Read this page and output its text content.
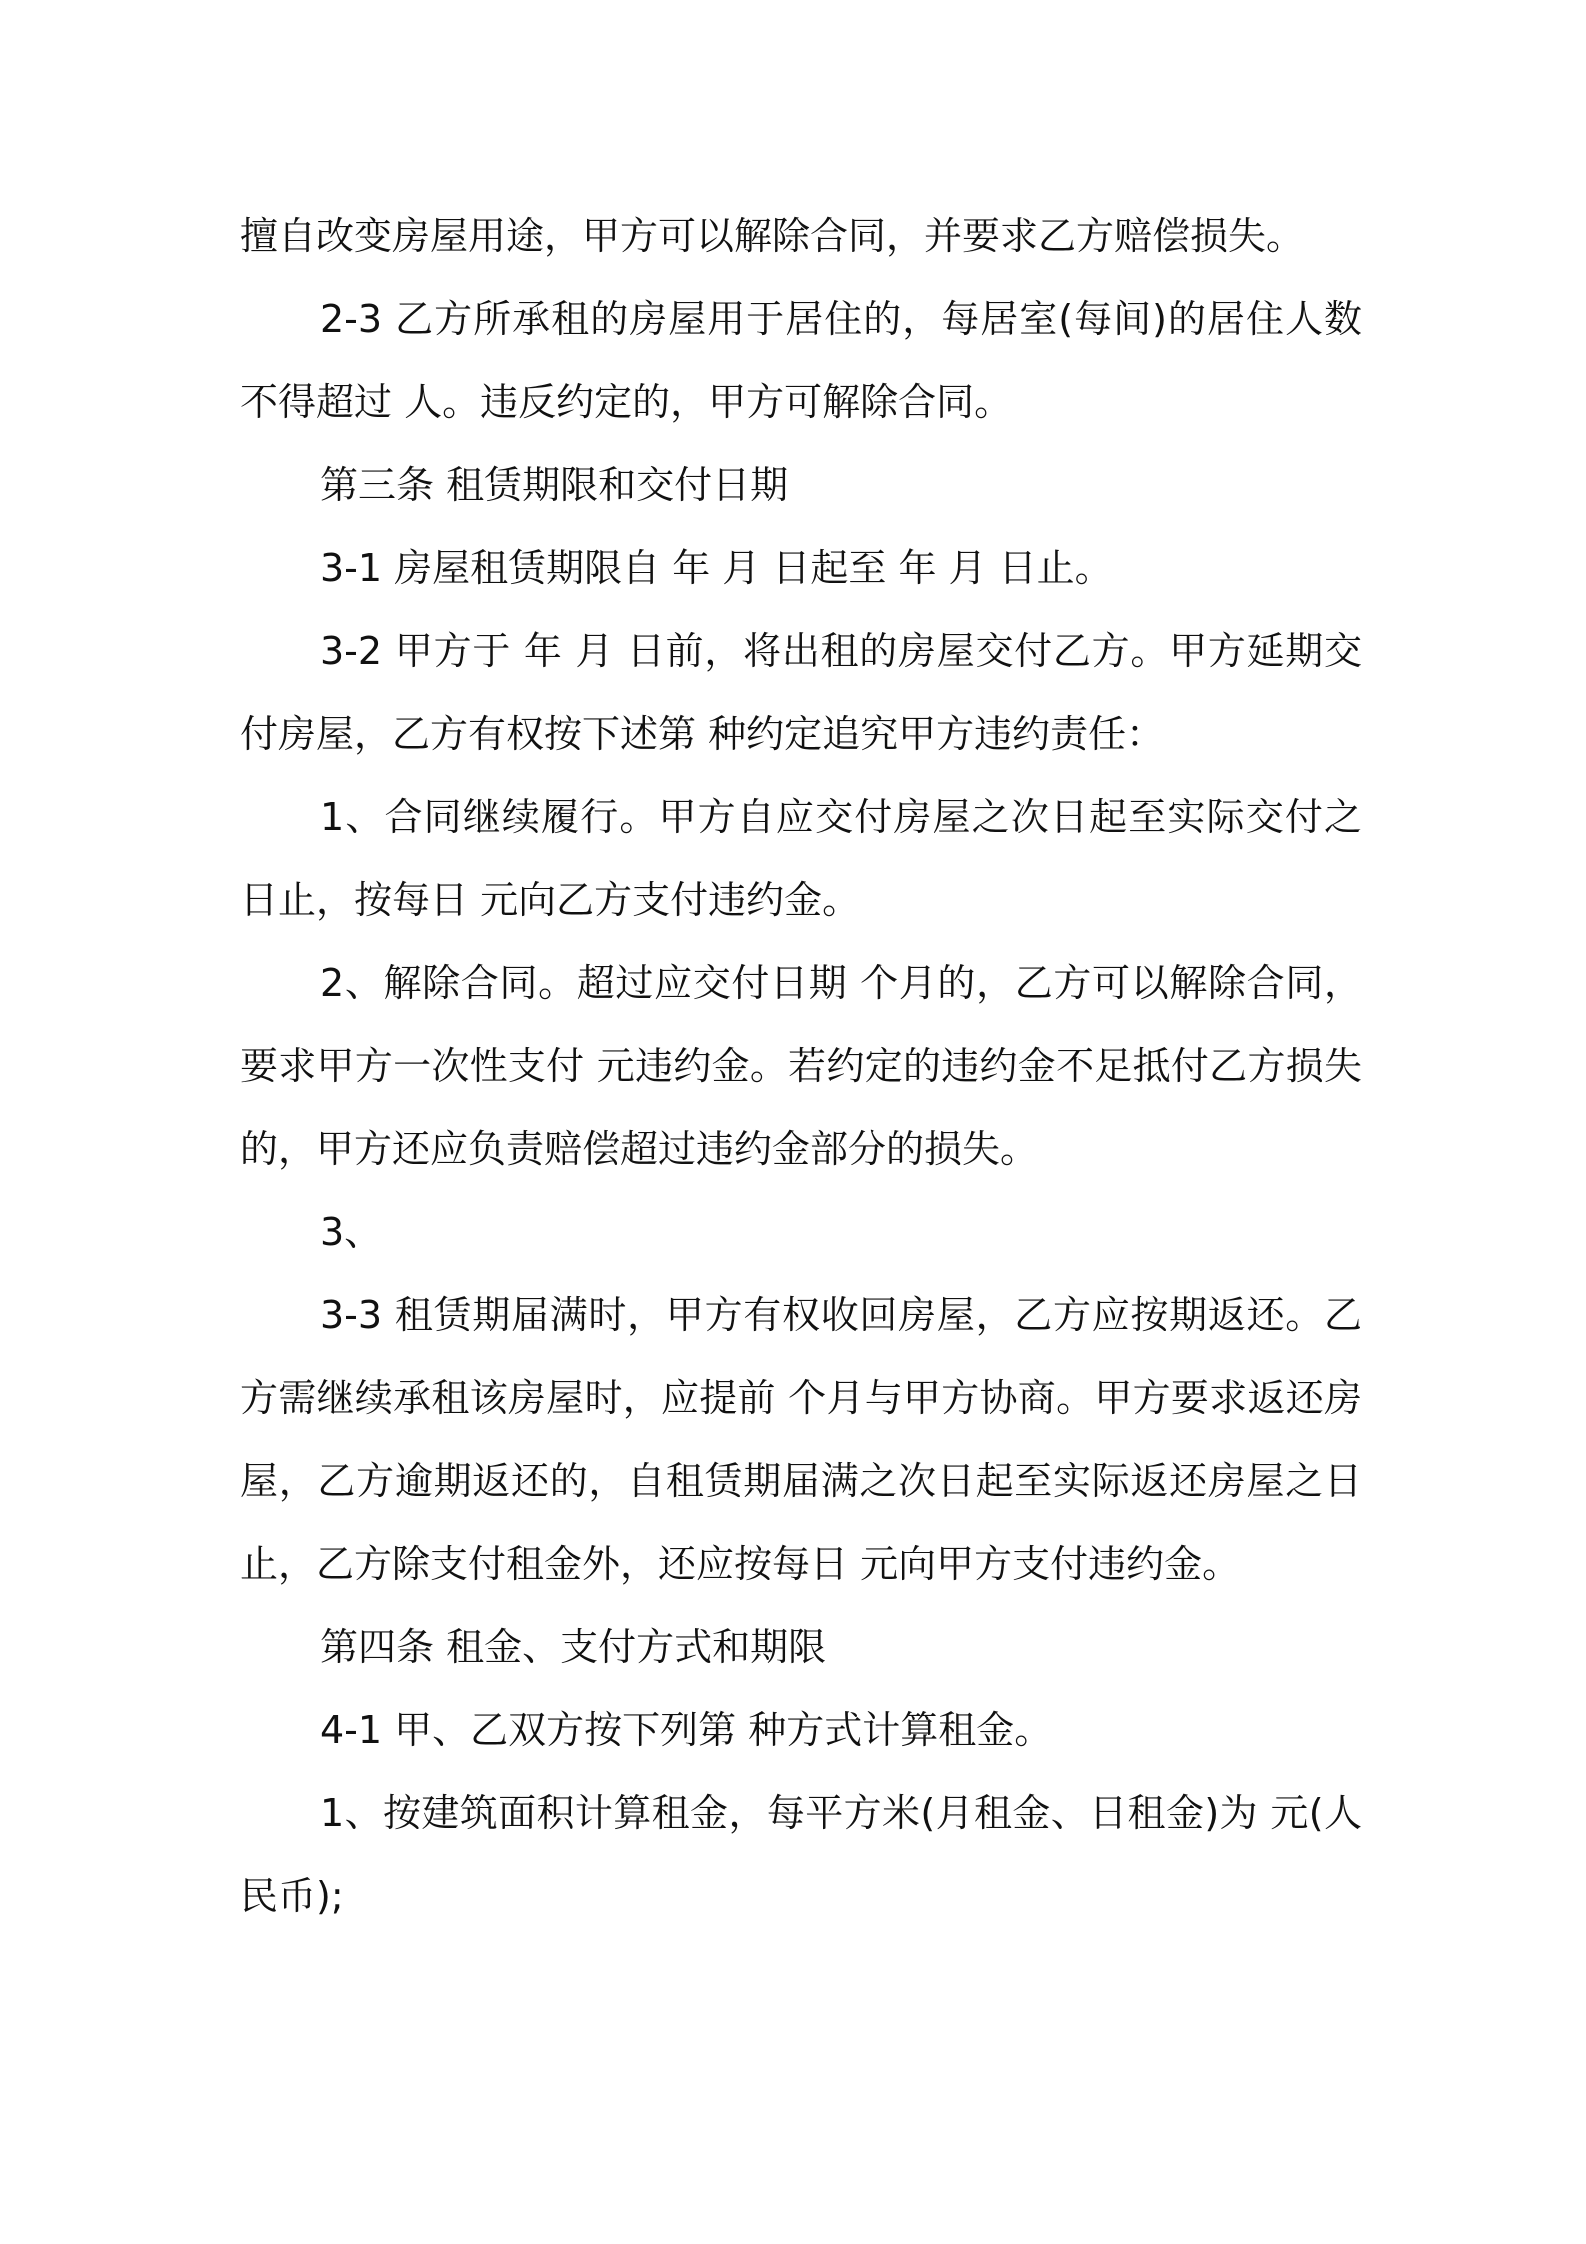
擅自改变房屋用途，甲方可以解除合同，并要求乙方赔偿损失。

2-3 乙方所承租的房屋用于居住的，每居室(每间)的居住人数不得超过 人。违反约定的，甲方可解除合同。

第三条 租赁期限和交付日期

3-1 房屋租赁期限自 年 月 日起至 年 月 日止。

3-2 甲方于 年 月 日前，将出租的房屋交付乙方。甲方延期交付房屋，乙方有权按下述第 种约定追究甲方违约责任：

1、合同继续履行。甲方自应交付房屋之次日起至实际交付之日止，按每日 元向乙方支付违约金。

2、解除合同。超过应交付日期 个月的，乙方可以解除合同，要求甲方一次性支付 元违约金。若约定的违约金不足抵付乙方损失的，甲方还应负责赔偿超过违约金部分的损失。

3、

3-3 租赁期届满时，甲方有权收回房屋，乙方应按期返还。乙方需继续承租该房屋时，应提前 个月与甲方协商。甲方要求返还房屋，乙方逾期返还的，自租赁期届满之次日起至实际返还房屋之日止，乙方除支付租金外，还应按每日 元向甲方支付违约金。

第四条 租金、支付方式和期限

4-1 甲、乙双方按下列第 种方式计算租金。

1、按建筑面积计算租金，每平方米(月租金、日租金)为 元(人民币);
